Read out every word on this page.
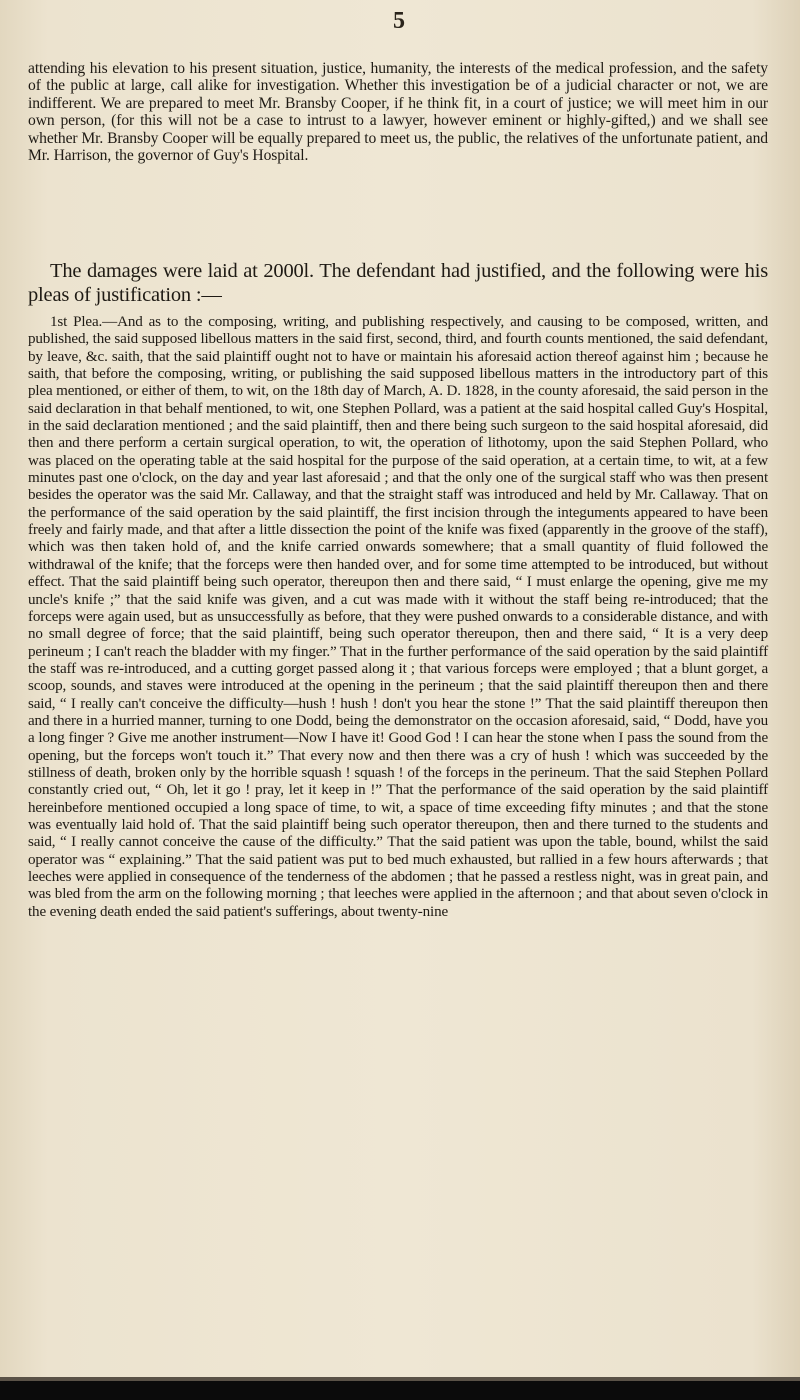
5
attending his elevation to his present situation, justice, humanity, the interests of the medical profession, and the safety of the public at large, call alike for investigation. Whether this investigation be of a judicial character or not, we are indifferent. We are prepared to meet Mr. Bransby Cooper, if he think fit, in a court of justice; we will meet him in our own person, (for this will not be a case to intrust to a lawyer, however eminent or highly-gifted,) and we shall see whether Mr. Bransby Cooper will be equally prepared to meet us, the public, the relatives of the unfortunate patient, and Mr. Harrison, the governor of Guy's Hospital.
The damages were laid at 2000l. The defendant had justified, and the following were his pleas of justification :—
1st Plea.—And as to the composing, writing, and publishing respectively, and causing to be composed, written, and published, the said supposed libellous matters in the said first, second, third, and fourth counts mentioned, the said defendant, by leave, &c. saith, that the said plaintiff ought not to have or maintain his aforesaid action thereof against him ; because he saith, that before the composing, writing, or publishing the said supposed libellous matters in the introductory part of this plea mentioned, or either of them, to wit, on the 18th day of March, A. D. 1828, in the county aforesaid, the said person in the said declaration in that behalf mentioned, to wit, one Stephen Pollard, was a patient at the said hospital called Guy's Hospital, in the said declaration mentioned ; and the said plaintiff, then and there being such surgeon to the said hospital aforesaid, did then and there perform a certain surgical operation, to wit, the operation of lithotomy, upon the said Stephen Pollard, who was placed on the operating table at the said hospital for the purpose of the said operation, at a certain time, to wit, at a few minutes past one o'clock, on the day and year last aforesaid ; and that the only one of the surgical staff who was then present besides the operator was the said Mr. Callaway, and that the straight staff was introduced and held by Mr. Callaway. That on the performance of the said operation by the said plaintiff, the first incision through the integuments appeared to have been freely and fairly made, and that after a little dissection the point of the knife was fixed (apparently in the groove of the staff), which was then taken hold of, and the knife carried onwards somewhere; that a small quantity of fluid followed the withdrawal of the knife; that the forceps were then handed over, and for some time attempted to be introduced, but without effect. That the said plaintiff being such operator, thereupon then and there said, “ I must enlarge the opening, give me my uncle's knife ;” that the said knife was given, and a cut was made with it without the staff being re-introduced; that the forceps were again used, but as unsuccessfully as before, that they were pushed onwards to a considerable distance, and with no small degree of force; that the said plaintiff, being such operator thereupon, then and there said, “ It is a very deep perineum ; I can't reach the bladder with my finger.” That in the further performance of the said operation by the said plaintiff the staff was re-introduced, and a cutting gorget passed along it ; that various forceps were employed ; that a blunt gorget, a scoop, sounds, and staves were introduced at the opening in the perineum ; that the said plaintiff thereupon then and there said, “ I really can't conceive the difficulty—hush ! hush ! don't you hear the stone !” That the said plaintiff thereupon then and there in a hurried manner, turning to one Dodd, being the demonstrator on the occasion aforesaid, said, “ Dodd, have you a long finger ? Give me another instrument—Now I have it! Good God ! I can hear the stone when I pass the sound from the opening, but the forceps won't touch it.” That every now and then there was a cry of hush ! which was succeeded by the stillness of death, broken only by the horrible squash ! squash ! of the forceps in the perineum. That the said Stephen Pollard constantly cried out, “ Oh, let it go ! pray, let it keep in !” That the performance of the said operation by the said plaintiff hereinbefore mentioned occupied a long space of time, to wit, a space of time exceeding fifty minutes ; and that the stone was eventually laid hold of. That the said plaintiff being such operator thereupon, then and there turned to the students and said, “ I really cannot conceive the cause of the difficulty.” That the said patient was upon the table, bound, whilst the said operator was “ explaining.” That the said patient was put to bed much exhausted, but rallied in a few hours afterwards ; that leeches were applied in consequence of the tenderness of the abdomen ; that he passed a restless night, was in great pain, and was bled from the arm on the following morning ; that leeches were applied in the afternoon ; and that about seven o'clock in the evening death ended the said patient's sufferings, about twenty-nine
